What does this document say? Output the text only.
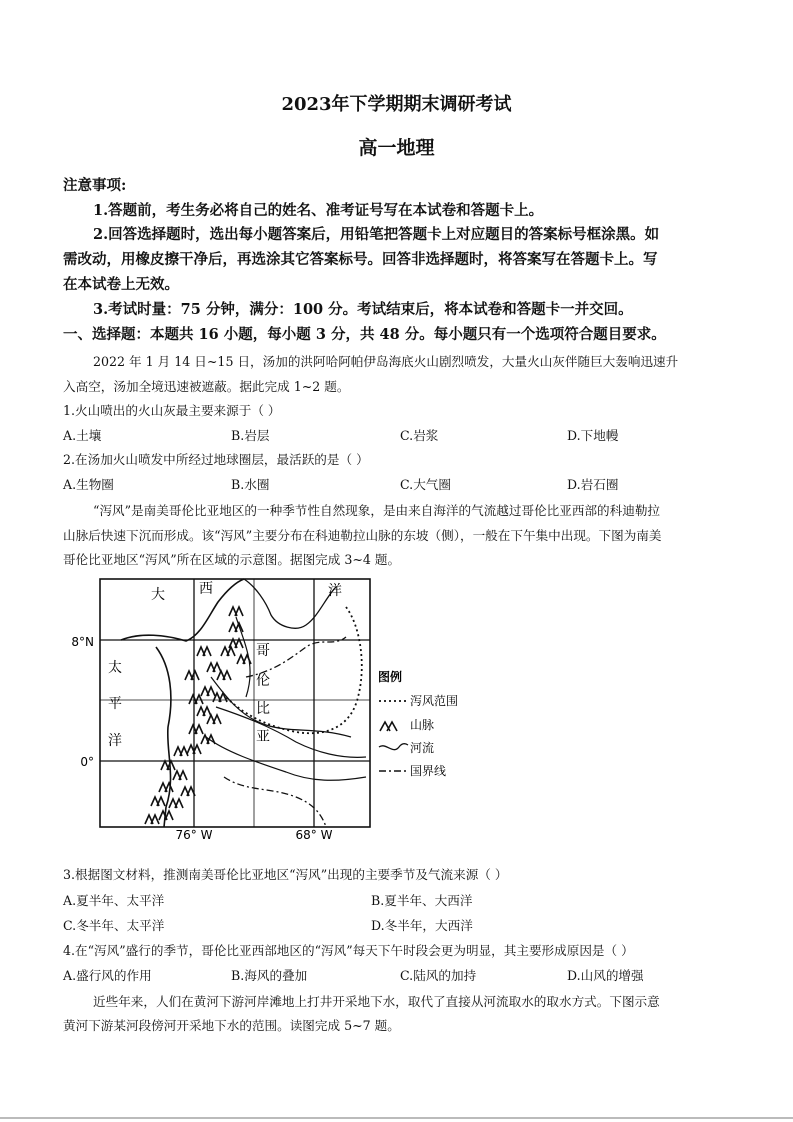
2023年下学期期末调研考试
高一地理
注意事项:
1.答题前，考生务必将自己的姓名、准考证号写在本试卷和答题卡上。
2.回答选择题时，选出每小题答案后，用铅笔把答题卡上对应题目的答案标号框涂黑。如
需改动，用橡皮擦干净后，再选涂其它答案标号。回答非选择题时，将答案写在答题卡上。写
在本试卷上无效。
3.考试时量：75 分钟，满分：100 分。考试结束后，将本试卷和答题卡一并交回。
一、选择题：本题共 16 小题，每小题 3 分，共 48 分。每小题只有一个选项符合题目要求。
2022 年 1 月 14 日~15 日，汤加的洪阿哈阿帕伊岛海底火山剧烈喷发，大量火山灰伴随巨大轰响迅速升
入高空，汤加全境迅速被遮蔽。据此完成 1~2 题。
1.火山喷出的火山灰最主要来源于（ ）
A.土壤	B.岩层	C.岩浆	D.下地幔
2.在汤加火山喷发中所经过地球圈层，最活跃的是（ ）
A.生物圈	B.水圈	C.大气圈	D.岩石圈
“泻风”是南美哥伦比亚地区的一种季节性自然现象，是由来自海洋的气流越过哥伦比亚西部的科迪勒拉
山脉后快速下沉而形成。该“泻风”主要分布在科迪勒拉山脉的东坡（侧），一般在下午集中出现。下图为南美
哥伦比亚地区“泻风”所在区域的示意图。据图完成 3~4 题。
8°N
0°
76° W	68° W
大 西	洋
太
平
洋
哥
伦
比
亚
图例
泻风范围
山脉
河流
国界线
3.根据图文材料，推测南美哥伦比亚地区“泻风”出现的主要季节及气流来源（ ）
A.夏半年、太平洋	B.夏半年、大西洋
C.冬半年、太平洋	D.冬半年，大西洋
4.在“泻风”盛行的季节，哥伦比亚西部地区的“泻风”每天下午时段会更为明显，其主要形成原因是（ ）
A.盛行风的作用	B.海风的叠加	C.陆风的加持	D.山风的增强
近些年来，人们在黄河下游河岸滩地上打井开采地下水，取代了直接从河流取水的取水方式。下图示意
黄河下游某河段傍河开采地下水的范围。读图完成 5~7 题。
